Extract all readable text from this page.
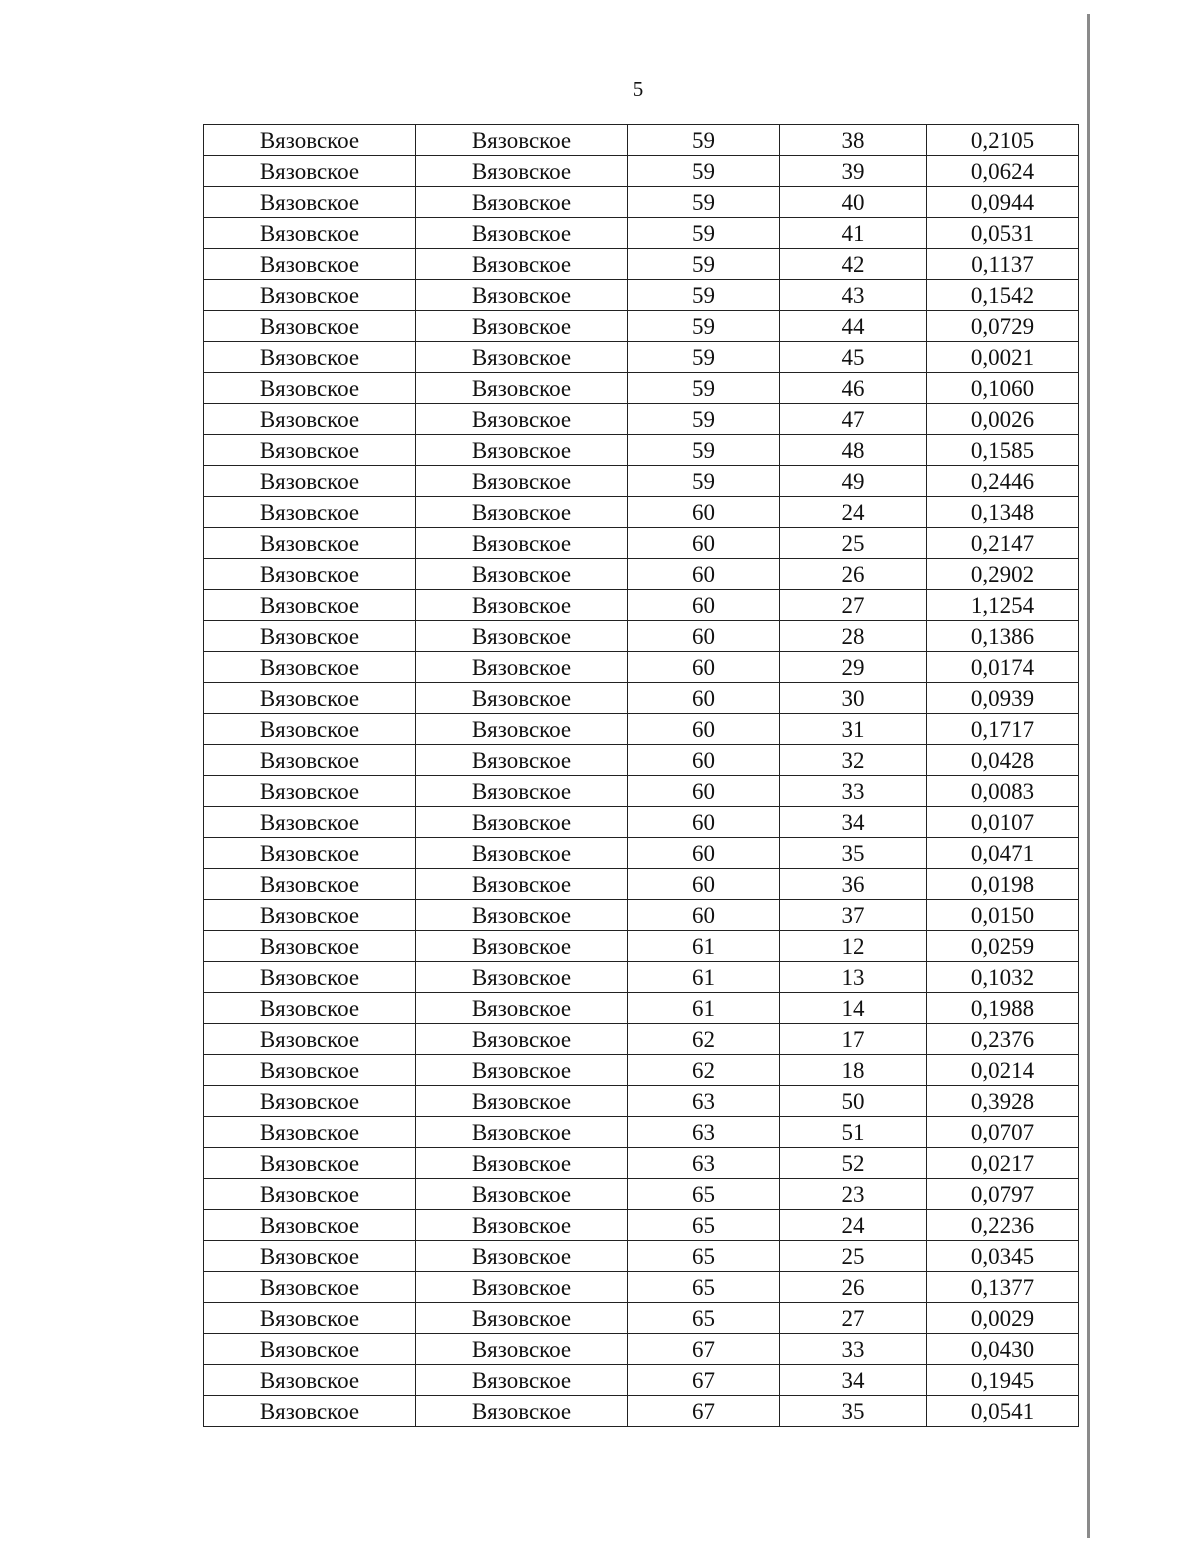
5
Вязовское	Вязовское	59	38	0,2105
Вязовское	Вязовское	59	39	0,0624
Вязовское	Вязовское	59	40	0,0944
Вязовское	Вязовское	59	41	0,0531
Вязовское	Вязовское	59	42	0,1137
Вязовское	Вязовское	59	43	0,1542
Вязовское	Вязовское	59	44	0,0729
Вязовское	Вязовское	59	45	0,0021
Вязовское	Вязовское	59	46	0,1060
Вязовское	Вязовское	59	47	0,0026
Вязовское	Вязовское	59	48	0,1585
Вязовское	Вязовское	59	49	0,2446
Вязовское	Вязовское	60	24	0,1348
Вязовское	Вязовское	60	25	0,2147
Вязовское	Вязовское	60	26	0,2902
Вязовское	Вязовское	60	27	1,1254
Вязовское	Вязовское	60	28	0,1386
Вязовское	Вязовское	60	29	0,0174
Вязовское	Вязовское	60	30	0,0939
Вязовское	Вязовское	60	31	0,1717
Вязовское	Вязовское	60	32	0,0428
Вязовское	Вязовское	60	33	0,0083
Вязовское	Вязовское	60	34	0,0107
Вязовское	Вязовское	60	35	0,0471
Вязовское	Вязовское	60	36	0,0198
Вязовское	Вязовское	60	37	0,0150
Вязовское	Вязовское	61	12	0,0259
Вязовское	Вязовское	61	13	0,1032
Вязовское	Вязовское	61	14	0,1988
Вязовское	Вязовское	62	17	0,2376
Вязовское	Вязовское	62	18	0,0214
Вязовское	Вязовское	63	50	0,3928
Вязовское	Вязовское	63	51	0,0707
Вязовское	Вязовское	63	52	0,0217
Вязовское	Вязовское	65	23	0,0797
Вязовское	Вязовское	65	24	0,2236
Вязовское	Вязовское	65	25	0,0345
Вязовское	Вязовское	65	26	0,1377
Вязовское	Вязовское	65	27	0,0029
Вязовское	Вязовское	67	33	0,0430
Вязовское	Вязовское	67	34	0,1945
Вязовское	Вязовское	67	35	0,0541
